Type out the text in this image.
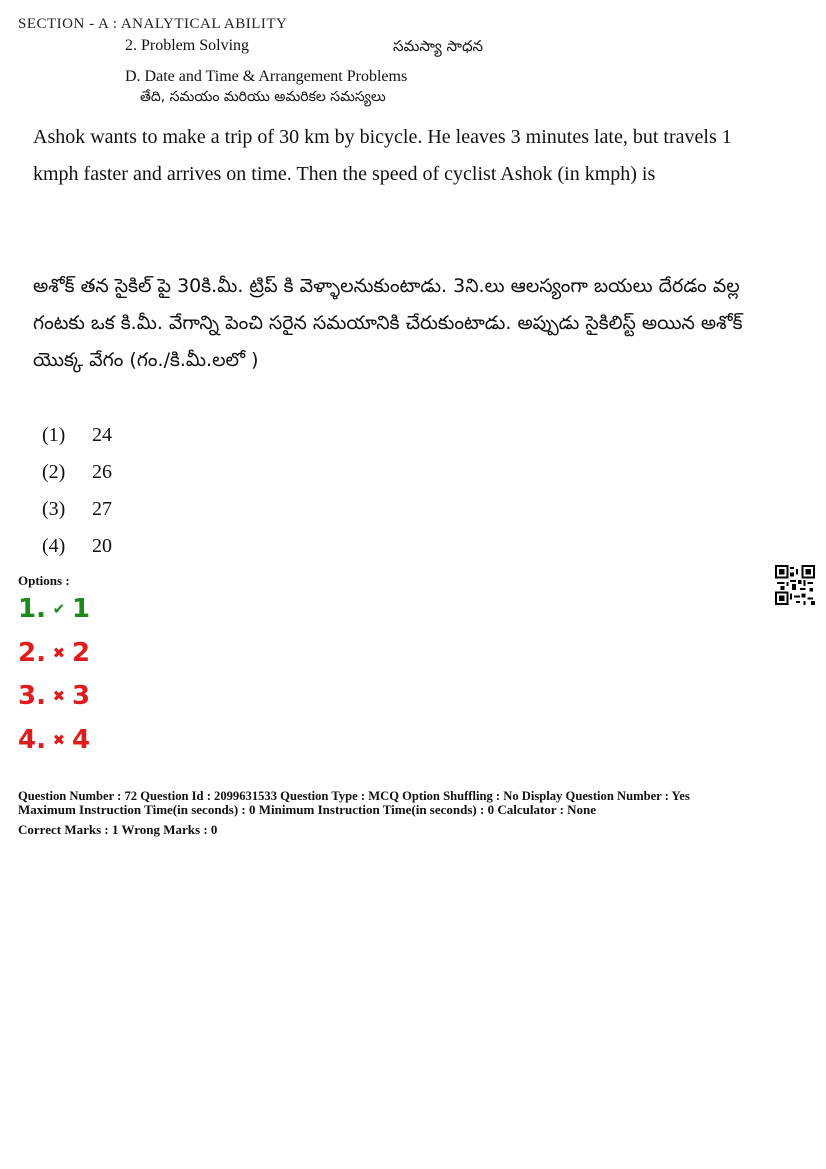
SECTION - A : ANALYTICAL ABILITY
2. Problem Solving	సమస్యా సాధన
D. Date and Time & Arrangement Problems
తేది, సమయం మరియు అమరికల సమస్యలు
Ashok wants to make a trip of 30 km by bicycle. He leaves 3 minutes late, but travels 1 kmph faster and arrives on time. Then the speed of cyclist Ashok (in kmph) is
అశోక్ తన సైకిల్ పై 30కి.మీ. ట్రిప్ కి వెళ్ళాలనుకుంటాడు. 3ని.లు ఆలస్యంగా బయలు దేరడం వల్ల గంటకు ఒక కి.మీ. వేగాన్ని పెంచి సరైన సమయానికి చేరుకుంటాడు. అప్పుడు సైకిలిస్ట్ అయిన అశోక్ యొక్క వేగం (గం./కి.మీ.లలో )
(1) 24
(2) 26
(3) 27
(4) 20
Options :
1. ✔ 1
2. ✖ 2
3. ✖ 3
4. ✖ 4
Question Number : 72 Question Id : 2099631533 Question Type : MCQ Option Shuffling : No Display Question Number : Yes
Maximum Instruction Time(in seconds) : 0 Minimum Instruction Time(in seconds) : 0 Calculator : None
Correct Marks : 1 Wrong Marks : 0
